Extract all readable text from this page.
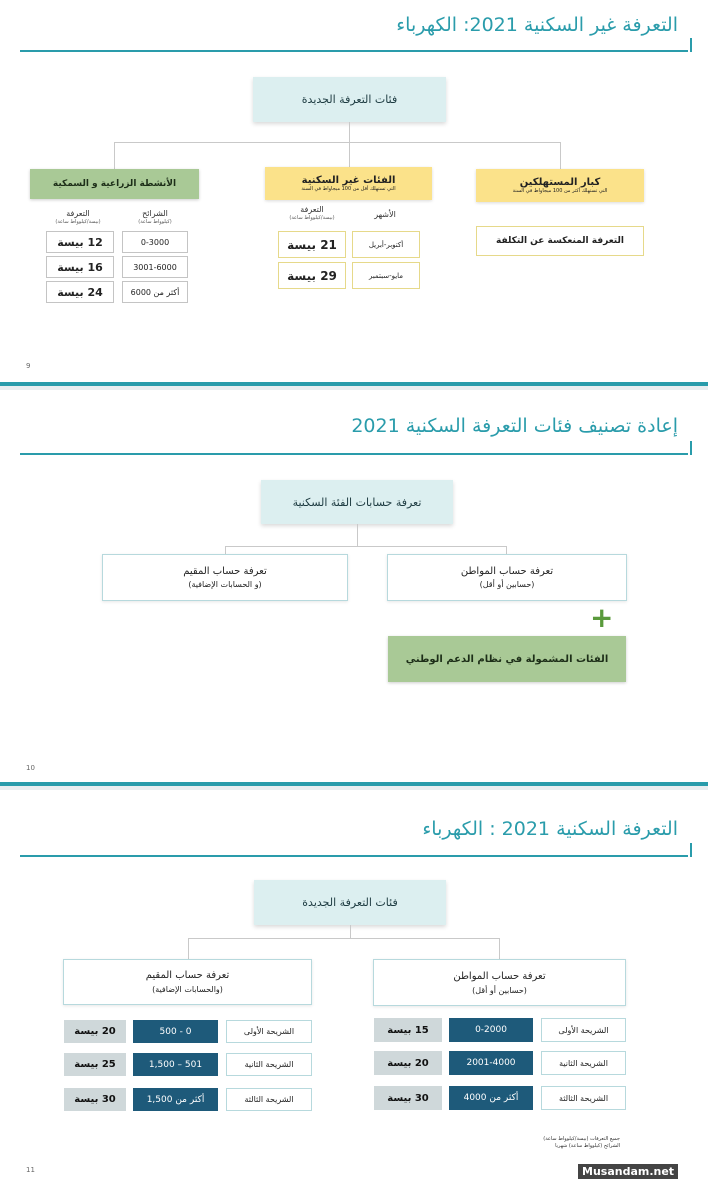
التعرفة غير السكنية 2021: الكهرباء
فئات التعرفة الجديدة
الأنشطة الزراعية و السمكية
التعرفة
(بيسة/كيلوواط ساعة)
الشرائح
(كيلوواط ساعة)
12 بيسة	0-3000
16 بيسة	3001-6000
24 بيسة	أكثر من 6000
الفئات غير السكنية
التي تستهلك أقل من 100 ميجاواط في السنة
التعرفة
(بيسة/كيلوواط ساعة)	الأشهر
21 بيسة	أكتوبر-أبريل
29 بيسة	مايو-سبتمبر
كبار المستهلكين
التي تستهلك أكثر من 100 ميجاواط في السنة
التعرفة المنعكسة عن التكلفة
9
إعادة تصنيف فئات التعرفة السكنية 2021
تعرفة حسابات الفئة السكنية
تعرفة حساب المقيم
(و الحسابات الإضافية)
تعرفة حساب المواطن
(حسابين أو أقل)
+
الفئات المشمولة في نظام الدعم الوطني
10
التعرفة السكنية 2021 : الكهرباء
فئات التعرفة الجديدة
تعرفة حساب المقيم
(والحسابات الإضافية)
تعرفة حساب المواطن
(حسابين أو أقل)
20 بيسة	0 - 500	الشريحة الأولى
25 بيسة	501 – 1,500	الشريحة الثانية
30 بيسة	أكثر من 1,500	الشريحة الثالثة
15 بيسة	0-2000	الشريحة الأولى
20 بيسة	2001-4000	الشريحة الثانية
30 بيسة	أكثر من 4000	الشريحة الثالثة
جميع التعرفات (بيسة/كيلوواط ساعة)
الشرائح (كيلوواط ساعة) شهريا
11	Musandam.net
